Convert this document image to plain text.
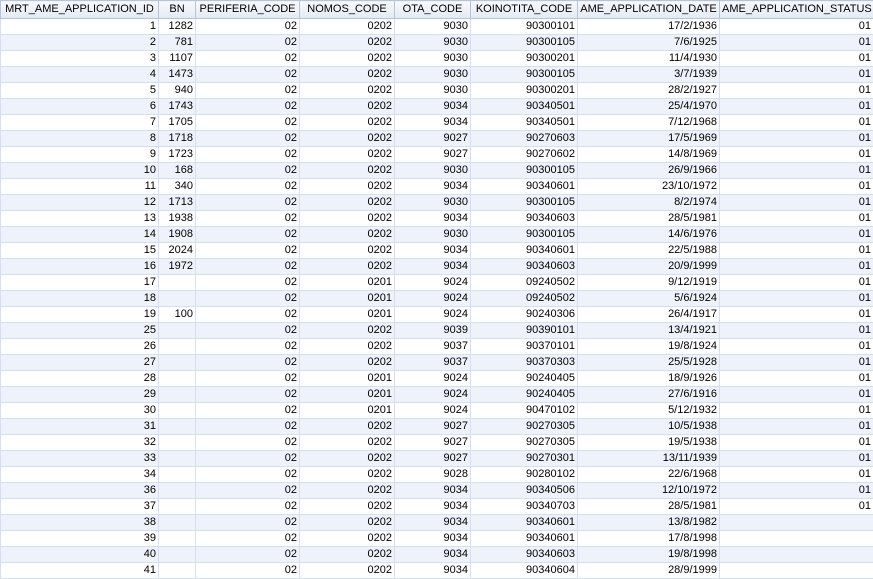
MRT_AME_APPLICATION_ID	BN	PERIFERIA_CODE	NOMOS_CODE	OTA_CODE	KOINOTITA_CODE	AME_APPLICATION_DATE	AME_APPLICATION_STATUS
1	1282	02	0202	9030	90300101	17/2/1936	01
2	781	02	0202	9030	90300105	7/6/1925	01
3	1107	02	0202	9030	90300201	11/4/1930	01
4	1473	02	0202	9030	90300105	3/7/1939	01
5	940	02	0202	9030	90300201	28/2/1927	01
6	1743	02	0202	9034	90340501	25/4/1970	01
7	1705	02	0202	9034	90340501	7/12/1968	01
8	1718	02	0202	9027	90270603	17/5/1969	01
9	1723	02	0202	9027	90270602	14/8/1969	01
10	168	02	0202	9030	90300105	26/9/1966	01
11	340	02	0202	9034	90340601	23/10/1972	01
12	1713	02	0202	9030	90300105	8/2/1974	01
13	1938	02	0202	9034	90340603	28/5/1981	01
14	1908	02	0202	9030	90300105	14/6/1976	01
15	2024	02	0202	9034	90340601	22/5/1988	01
16	1972	02	0202	9034	90340603	20/9/1999	01
17		02	0201	9024	09240502	9/12/1919	01
18		02	0201	9024	09240502	5/6/1924	01
19	100	02	0201	9024	90240306	26/4/1917	01
25		02	0202	9039	90390101	13/4/1921	01
26		02	0202	9037	90370101	19/8/1924	01
27		02	0202	9037	90370303	25/5/1928	01
28		02	0201	9024	90240405	18/9/1926	01
29		02	0201	9024	90240405	27/6/1916	01
30		02	0201	9024	90470102	5/12/1932	01
31		02	0202	9027	90270305	10/5/1938	01
32		02	0202	9027	90270305	19/5/1938	01
33		02	0202	9027	90270301	13/11/1939	01
34		02	0202	9028	90280102	22/6/1968	01
36		02	0202	9034	90340506	12/10/1972	01
37		02	0202	9034	90340703	28/5/1981	01
38		02	0202	9034	90340601	13/8/1982	
39		02	0202	9034	90340601	17/8/1998	
40		02	0202	9034	90340603	19/8/1998	
41		02	0202	9034	90340604	28/9/1999	
